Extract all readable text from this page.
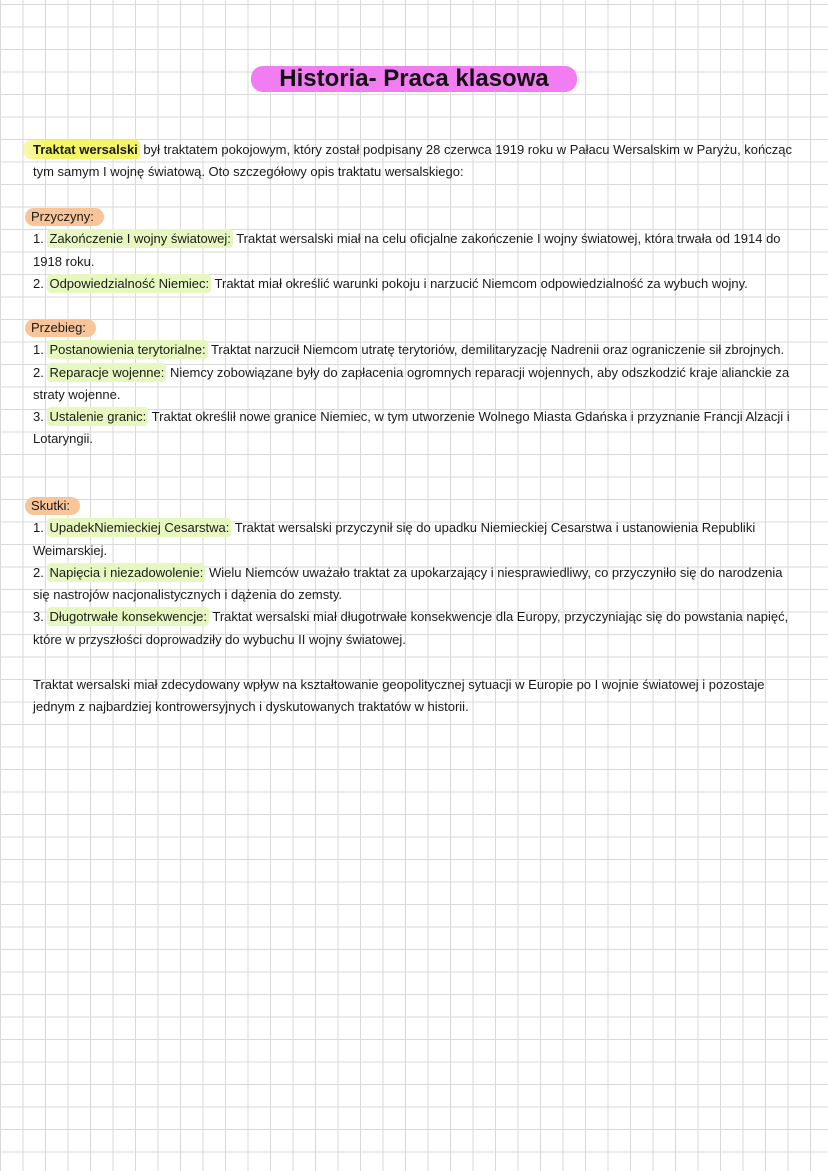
Historia- Praca klasowa
Traktat wersalski był traktatem pokojowym, który został podpisany 28 czerwca 1919 roku w Pałacu Wersalskim w Paryżu, kończąc tym samym I wojnę światową. Oto szczegółowy opis traktatu wersalskiego:
Przyczyny:
1. Zakończenie I wojny światowej: Traktat wersalski miał na celu oficjalne zakończenie I wojny światowej, która trwała od 1914 do 1918 roku.
2. Odpowiedzialność Niemiec: Traktat miał określić warunki pokoju i narzucić Niemcom odpowiedzialność za wybuch wojny.
Przebieg:
1. Postanowienia terytorialne: Traktat narzucił Niemcom utratę terytoriów, demilitaryzację Nadrenii oraz ograniczenie sił zbrojnych.
2. Reparacje wojenne: Niemcy zobowiązane były do zapłacenia ogromnych reparacji wojennych, aby odszkodzić kraje alianckie za straty wojenne.
3. Ustalenie granic: Traktat określił nowe granice Niemiec, w tym utworzenie Wolnego Miasta Gdańska i przyznanie Francji Alzacji i Lotaryngii.
Skutki:
1. UpadekNiemieckiej Cesarstwa: Traktat wersalski przyczynił się do upadku Niemieckiej Cesarstwa i ustanowienia Republiki Weimarskiej.
2. Napięcia i niezadowolenie: Wielu Niemców uważało traktat za upokarzający i niesprawiedliwy, co przyczyniło się do narodzenia się nastrojów nacjonalistycznych i dążenia do zemsty.
3. Długotrwałe konsekwencje: Traktat wersalski miał długotrwałe konsekwencje dla Europy, przyczyniając się do powstania napięć, które w przyszłości doprowadziły do wybuchu II wojny światowej.
Traktat wersalski miał zdecydowany wpływ na kształtowanie geopolitycznej sytuacji w Europie po I wojnie światowej i pozostaje jednym z najbardziej kontrowersyjnych i dyskutowanych traktatów w historii.
